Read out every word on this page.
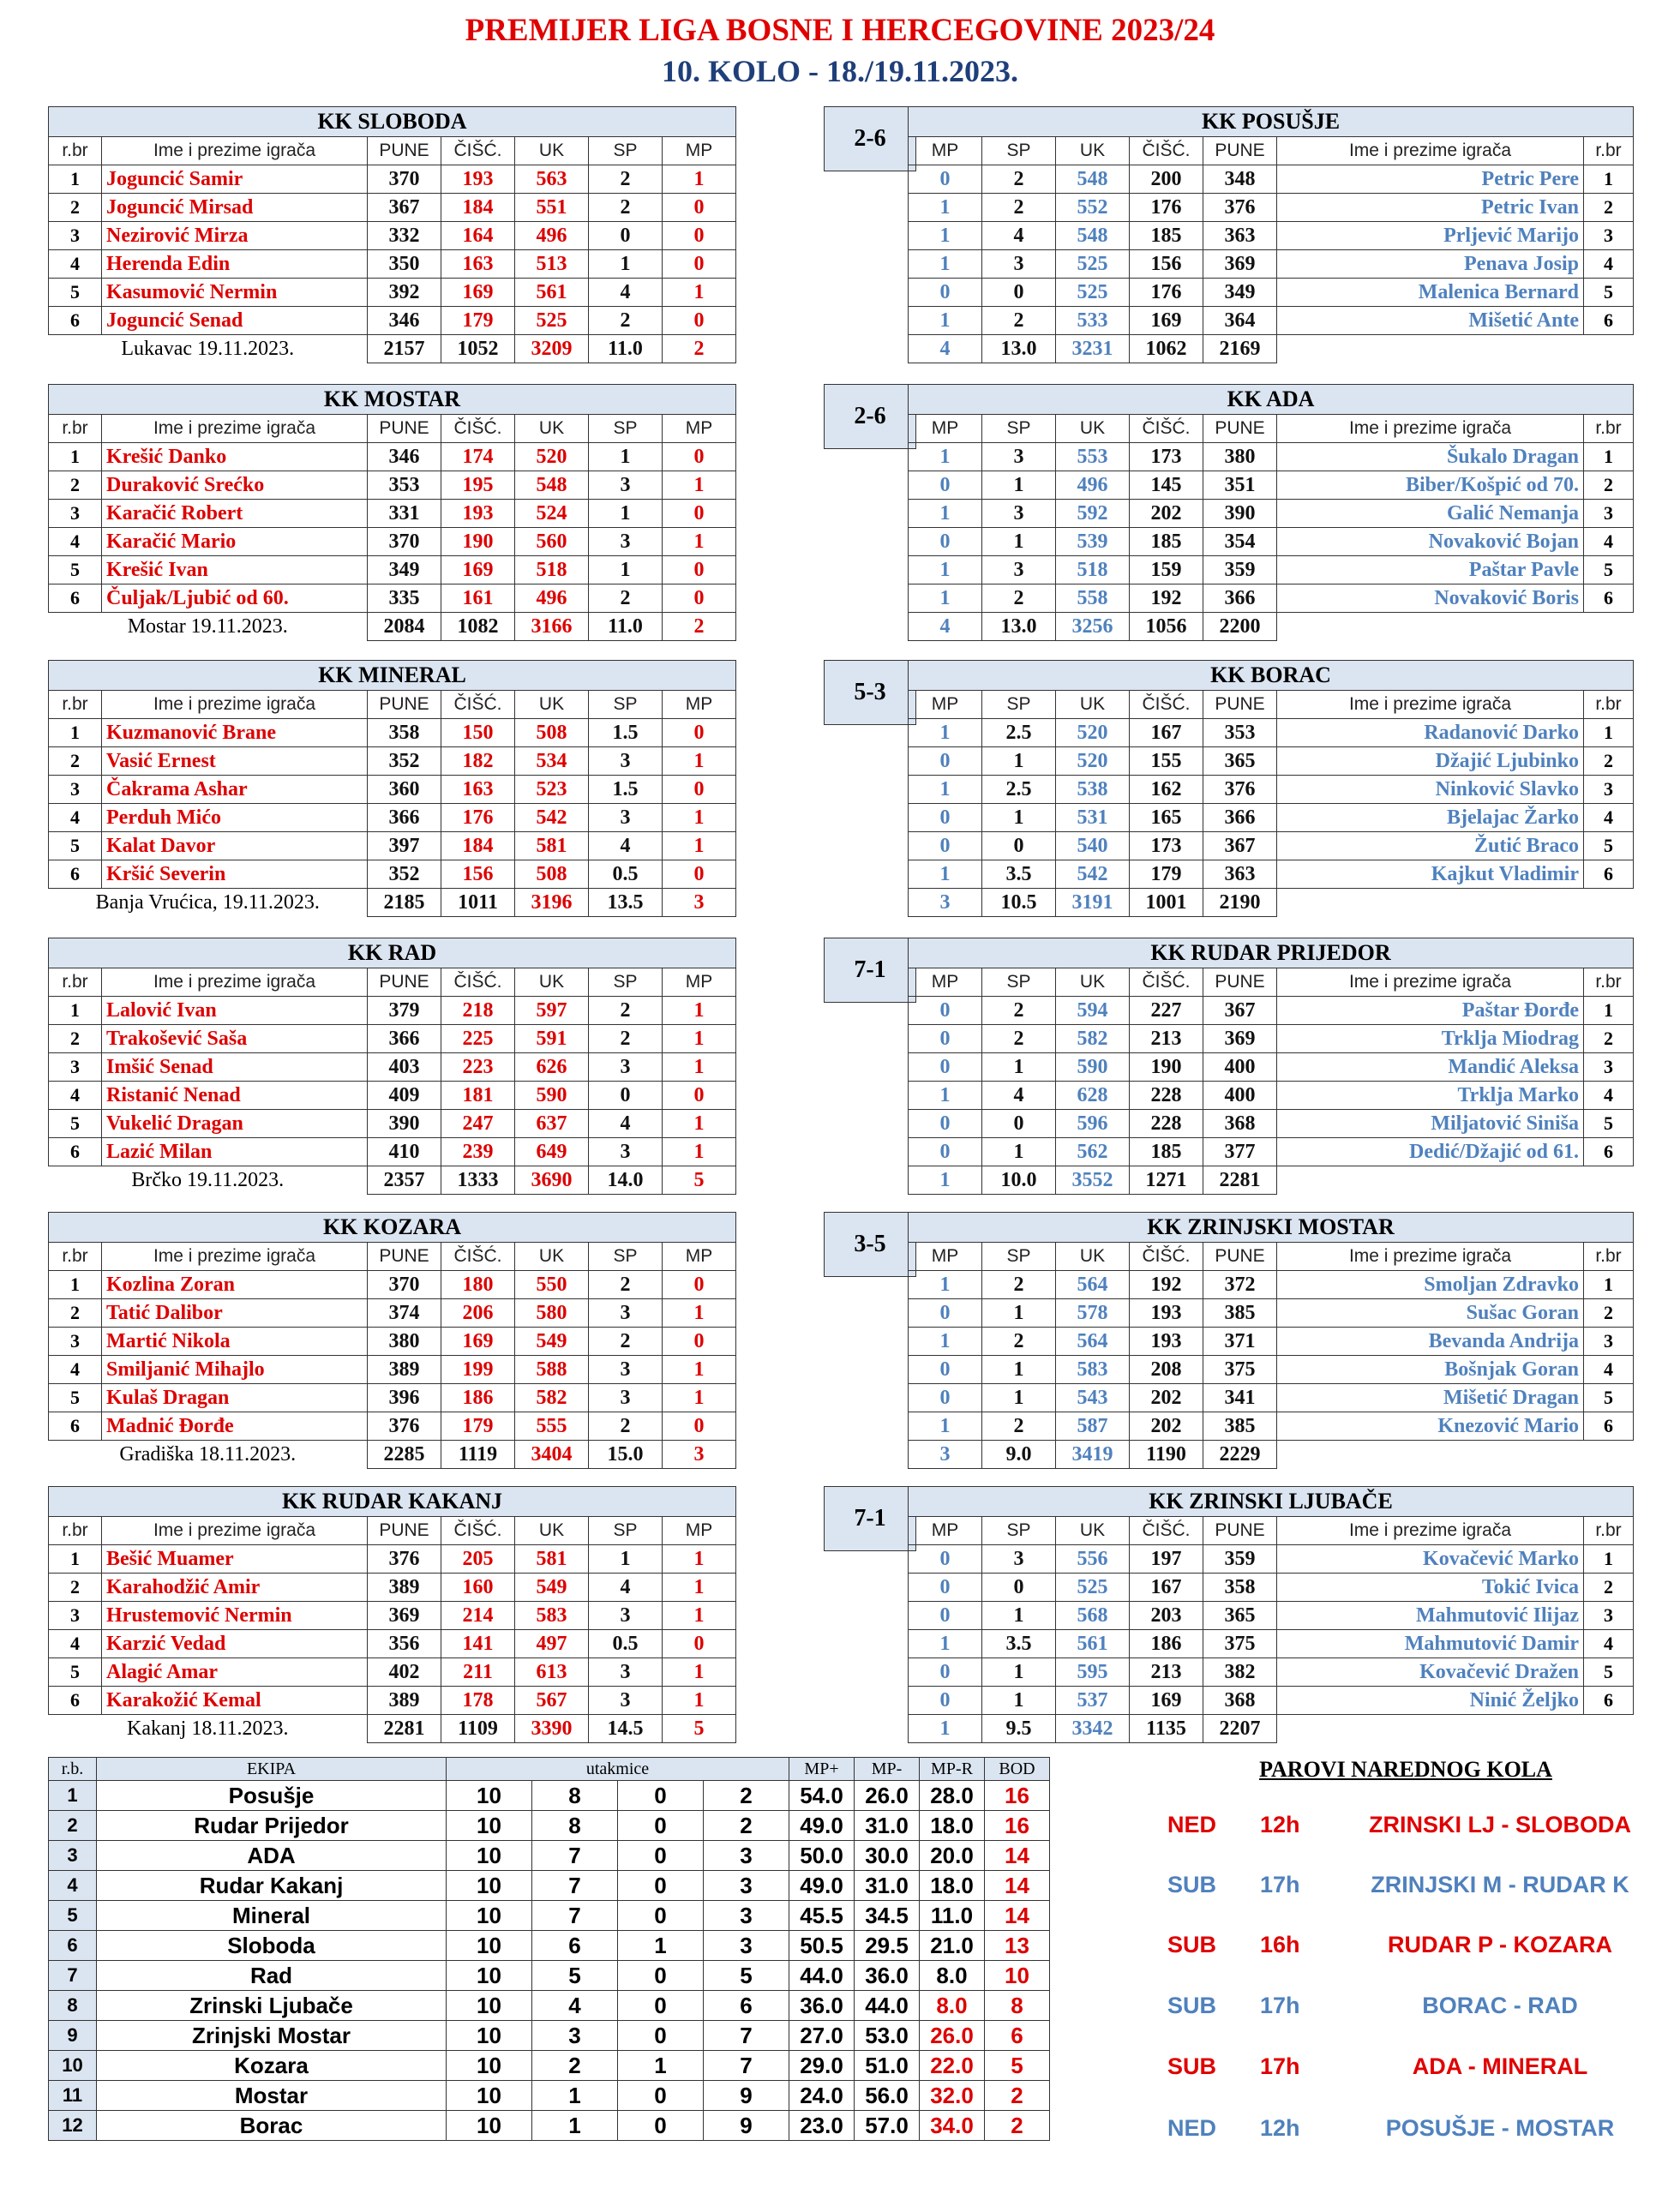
PREMIJER LIGA BOSNE I HERCEGOVINE 2023/24
10. KOLO - 18./19.11.2023.
KK SLOBODA						
r.br	Ime i prezime igrača	PUNE	ČIŠĆ.	UK	SP	MP
1	Joguncić Samir	370	193	563	2	1
2	Joguncić Mirsad	367	184	551	2	0
3	Nezirović Mirza	332	164	496	0	0
4	Herenda Edin	350	163	513	1	0
5	Kasumović Nermin	392	169	561	4	1
6	Joguncić Senad	346	179	525	2	0
Lukavac 19.11.2023.		2157	1052	3209	11.0	2
2-6
KK POSUŠJE						
MP	SP	UK	ČIŠĆ.	PUNE	Ime i prezime igrača	r.br
0	2	548	200	348	Petric Pere	1
1	2	552	176	376	Petric Ivan	2
1	4	548	185	363	Prljević Marijo	3
1	3	525	156	369	Penava Josip	4
0	0	525	176	349	Malenica Bernard	5
1	2	533	169	364	Mišetić Ante	6
4	13.0	3231	1062	2169		
KK MOSTAR						
r.br	Ime i prezime igrača	PUNE	ČIŠĆ.	UK	SP	MP
1	Krešić Danko	346	174	520	1	0
2	Duraković Srećko	353	195	548	3	1
3	Karačić Robert	331	193	524	1	0
4	Karačić Mario	370	190	560	3	1
5	Krešić Ivan	349	169	518	1	0
6	Čuljak/Ljubić od 60.	335	161	496	2	0
Mostar 19.11.2023.		2084	1082	3166	11.0	2
2-6
KK ADA						
MP	SP	UK	ČIŠĆ.	PUNE	Ime i prezime igrača	r.br
1	3	553	173	380	Šukalo Dragan	1
0	1	496	145	351	Biber/Košpić od 70.	2
1	3	592	202	390	Galić Nemanja	3
0	1	539	185	354	Novaković Bojan	4
1	3	518	159	359	Paštar Pavle	5
1	2	558	192	366	Novaković Boris	6
4	13.0	3256	1056	2200		
KK MINERAL						
r.br	Ime i prezime igrača	PUNE	ČIŠĆ.	UK	SP	MP
1	Kuzmanović Brane	358	150	508	1.5	0
2	Vasić Ernest	352	182	534	3	1
3	Čakrama Ashar	360	163	523	1.5	0
4	Perduh Mićo	366	176	542	3	1
5	Kalat Davor	397	184	581	4	1
6	Kršić Severin	352	156	508	0.5	0
Banja Vrućica, 19.11.2023.		2185	1011	3196	13.5	3
5-3
KK BORAC						
MP	SP	UK	ČIŠĆ.	PUNE	Ime i prezime igrača	r.br
1	2.5	520	167	353	Radanović Darko	1
0	1	520	155	365	Džajić Ljubinko	2
1	2.5	538	162	376	Ninković Slavko	3
0	1	531	165	366	Bjelajac Žarko	4
0	0	540	173	367	Žutić Braco	5
1	3.5	542	179	363	Kajkut Vladimir	6
3	10.5	3191	1001	2190		
KK RAD						
r.br	Ime i prezime igrača	PUNE	ČIŠĆ.	UK	SP	MP
1	Lalović Ivan	379	218	597	2	1
2	Trakošević Saša	366	225	591	2	1
3	Imšić Senad	403	223	626	3	1
4	Ristanić Nenad	409	181	590	0	0
5	Vukelić Dragan	390	247	637	4	1
6	Lazić Milan	410	239	649	3	1
Brčko 19.11.2023.		2357	1333	3690	14.0	5
7-1
KK RUDAR PRIJEDOR						
MP	SP	UK	ČIŠĆ.	PUNE	Ime i prezime igrača	r.br
0	2	594	227	367	Paštar Đorđe	1
0	2	582	213	369	Trklja Miodrag	2
0	1	590	190	400	Mandić Aleksa	3
1	4	628	228	400	Trklja Marko	4
0	0	596	228	368	Miljatović Siniša	5
0	1	562	185	377	Dedić/Džajić od 61.	6
1	10.0	3552	1271	2281		
KK KOZARA						
r.br	Ime i prezime igrača	PUNE	ČIŠĆ.	UK	SP	MP
1	Kozlina Zoran	370	180	550	2	0
2	Tatić Dalibor	374	206	580	3	1
3	Martić Nikola	380	169	549	2	0
4	Smiljanić Mihajlo	389	199	588	3	1
5	Kulaš Dragan	396	186	582	3	1
6	Madnić Đorđe	376	179	555	2	0
Gradiška 18.11.2023.		2285	1119	3404	15.0	3
3-5
KK ZRINJSKI MOSTAR						
MP	SP	UK	ČIŠĆ.	PUNE	Ime i prezime igrača	r.br
1	2	564	192	372	Smoljan Zdravko	1
0	1	578	193	385	Sušac Goran	2
1	2	564	193	371	Bevanda Andrija	3
0	1	583	208	375	Bošnjak Goran	4
0	1	543	202	341	Mišetić Dragan	5
1	2	587	202	385	Knezović Mario	6
3	9.0	3419	1190	2229		
KK RUDAR KAKANJ						
r.br	Ime i prezime igrača	PUNE	ČIŠĆ.	UK	SP	MP
1	Bešić Muamer	376	205	581	1	1
2	Karahodžić Amir	389	160	549	4	1
3	Hrustemović Nermin	369	214	583	3	1
4	Karzić Vedad	356	141	497	0.5	0
5	Alagić Amar	402	211	613	3	1
6	Karakožić Kemal	389	178	567	3	1
Kakanj 18.11.2023.		2281	1109	3390	14.5	5
7-1
KK ZRINSKI LJUBAČE						
MP	SP	UK	ČIŠĆ.	PUNE	Ime i prezime igrača	r.br
0	3	556	197	359	Kovačević Marko	1
0	0	525	167	358	Tokić Ivica	2
0	1	568	203	365	Mahmutović Ilijaz	3
1	3.5	561	186	375	Mahmutović Damir	4
0	1	595	213	382	Kovačević Dražen	5
0	1	537	169	368	Ninić Željko	6
1	9.5	3342	1135	2207		
r.b.	EKIPA	utakmice				MP+	MP-	MP-R	BOD
1	Posušje	10	8	0	2	54.0	26.0	28.0	16
2	Rudar Prijedor	10	8	0	2	49.0	31.0	18.0	16
3	ADA	10	7	0	3	50.0	30.0	20.0	14
4	Rudar Kakanj	10	7	0	3	49.0	31.0	18.0	14
5	Mineral	10	7	0	3	45.5	34.5	11.0	14
6	Sloboda	10	6	1	3	50.5	29.5	21.0	13
7	Rad	10	5	0	5	44.0	36.0	8.0	10
8	Zrinski Ljubače	10	4	0	6	36.0	44.0	8.0	8
9	Zrinjski Mostar	10	3	0	7	27.0	53.0	26.0	6
10	Kozara	10	2	1	7	29.0	51.0	22.0	5
11	Mostar	10	1	0	9	24.0	56.0	32.0	2
12	Borac	10	1	0	9	23.0	57.0	34.0	2
PAROVI NAREDNOG KOLA
NED 12h	ZRINSKI LJ - SLOBODA
SUB 17h	ZRINJSKI M - RUDAR K
SUB 16h	RUDAR P - KOZARA
SUB 17h	BORAC - RAD
SUB 17h	ADA - MINERAL
NED 12h	POSUŠJE - MOSTAR
